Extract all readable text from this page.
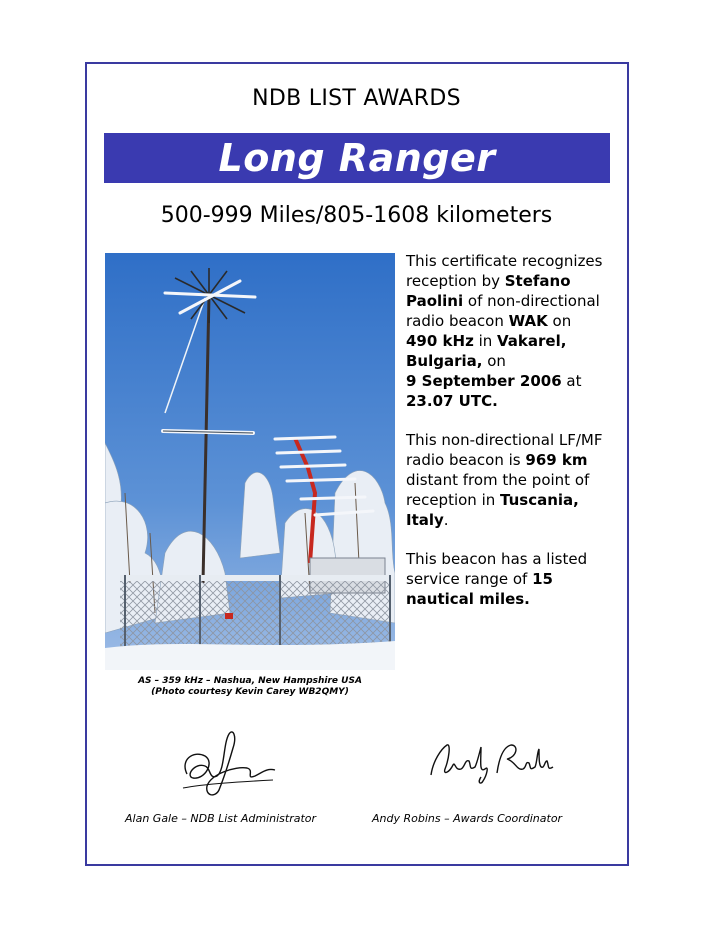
NDB LIST AWARDS
Long Ranger
500-999 Miles/805-1608 kilometers
AS – 359 kHz – Nashua, New Hampshire USA
(Photo courtesy Kevin Carey WB2QMY)

This certificate recognizes reception by Stefano Paolini of non-directional radio beacon WAK on
490 kHz in Vakarel, Bulgaria, on
9 September 2006 at
23.07 UTC.

This non-directional LF/MF radio beacon is 969 km distant from the point of reception in Tuscania, Italy.

This beacon has a listed service range of 15 nautical miles.

Alan Gale – NDB List Administrator	Andy Robins – Awards Coordinator
